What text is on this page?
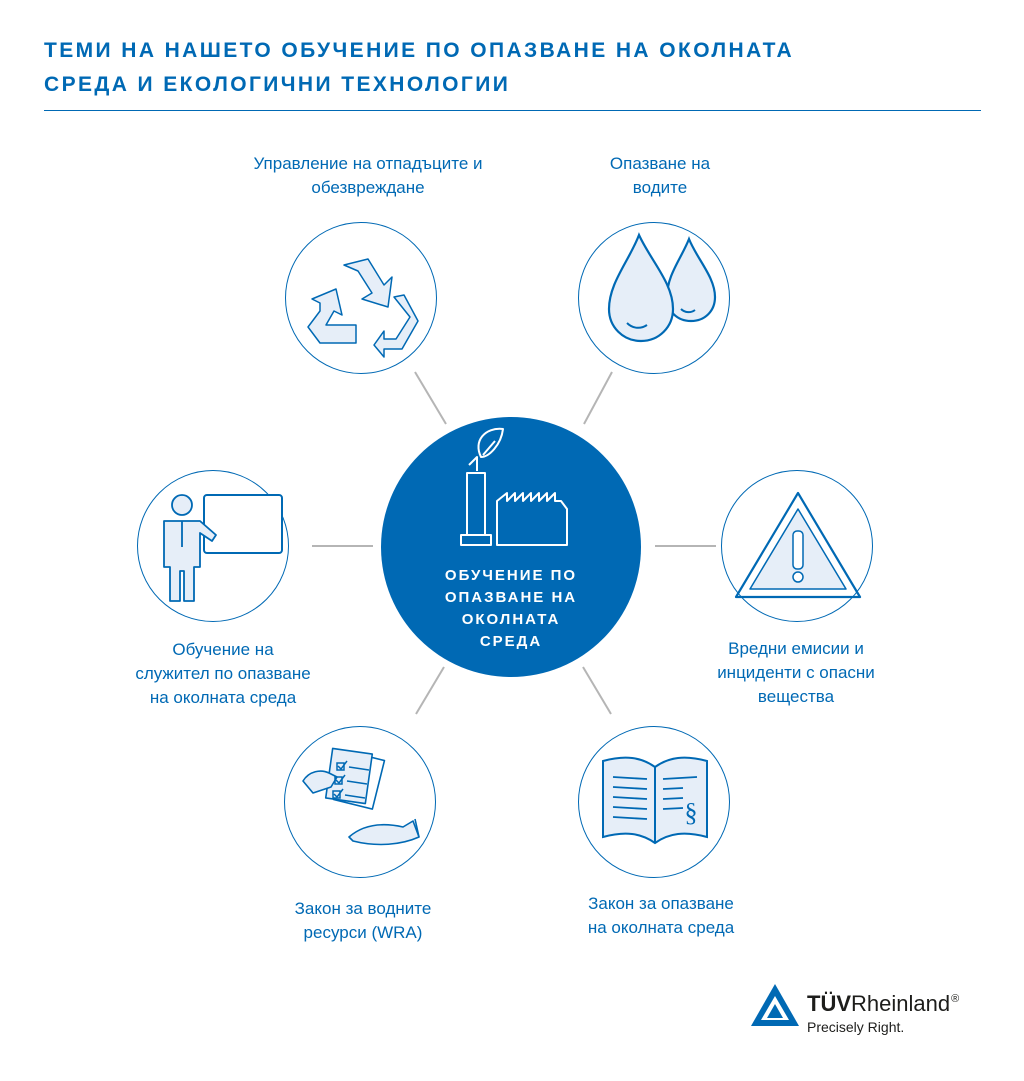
ТЕМИ НА НАШЕТО ОБУЧЕНИЕ ПО ОПАЗВАНЕ НА ОКОЛНАТА
СРЕДА И ЕКОЛОГИЧНИ ТЕХНОЛОГИИ
Управление на отпадъците и
обезвреждане
Опазване на
водите
Вредни емисии и
инциденти с опасни
вещества
§
Закон за опазване
на околната среда
Закон за водните
ресурси (WRA)
Обучение на
служител по опазване
на околната среда
ОБУЧЕНИЕ ПО
ОПАЗВАНЕ НА
ОКОЛНАТА
СРЕДА
TÜVRheinland®
Precisely Right.
